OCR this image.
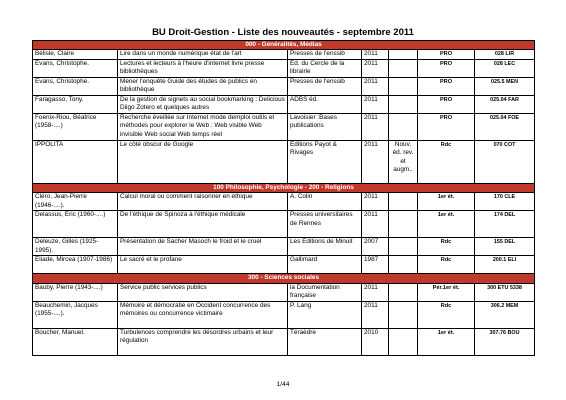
BU Droit-Gestion - Liste des nouveautés - septembre 2011
000 - Généralités, Médias						
Bélisle, Claire	Lire dans un monde numérique état de l'art	Presses de l'enssib	2011		PRO	028 LIR
Evans, Christophe.	Lectures et lecteurs à l'heure d'internet livre presse bibliothèques	Éd. du Cercle de la librairie	2011		PRO	028 LEC
Evans, Christophe.	Mener l'enquête Guide des études de publics en bibliothèque	Presses de l'enssib	2011		PRO	025.5 MEN
Faragasso, Tony.	De la gestion de signets au social bookmarking : Delicious Diigo Zotero et quelques autres	ADBS éd.	2011		PRO	025.04 FAR
Foenix-Riou, Béatrice (1958-....)	Recherche éveillée sur Internet mode demploi outils et méthodes pour explorer le Web : Web visible Web invisible Web social Web temps réel	Lavoisier :Bases publications	2011		PRO	025.04 FOE
IPPOLITA	Le côté obscur de Google	Editions Payot & Rivages	2011	Nouv. éd. rev. et augm..	Rdc	070 COT
100 Philosophie, Psychologie - 200 - Religions						
Cléro, Jean-Pierre (1946-....).	Calcul moral ou comment raisonner en éthique	A. Colin	2011		1er ét.	170 CLE
Delassus, Éric (1960-....)	De l'éthique de Spinoza à l'éthique médicale	Presses universitaires de Rennes	2011		1er ét.	174 DEL
Deleuze, Gilles (1925-1995).	Présentation de Sacher Masoch le froid et le cruel	Les Éditions de Minuit	2007		Rdc	155 DEL
Eliade, Mircea (1907-1986)	Le sacré et le profane	Gallimard	1987		Rdc	200.1 ELI
300 - Sciences sociales						
Bauby, Pierre (1943-....)	Service public services publics	la Documentation française	2011		Pér.1er ét.	300 ETU 5338
Beauchemin, Jacques (1955-....).	Mémoire et démocratie en Occident concurrence des mémoires ou concurrence victimaire	P. Lang	2011		Rdc	306.2 MEM
Boucher, Manuel.	Turbulences comprendre les désordres urbains et leur régulation	Téraèdre	2010		1er ét.	307.76 BOU
1/44
